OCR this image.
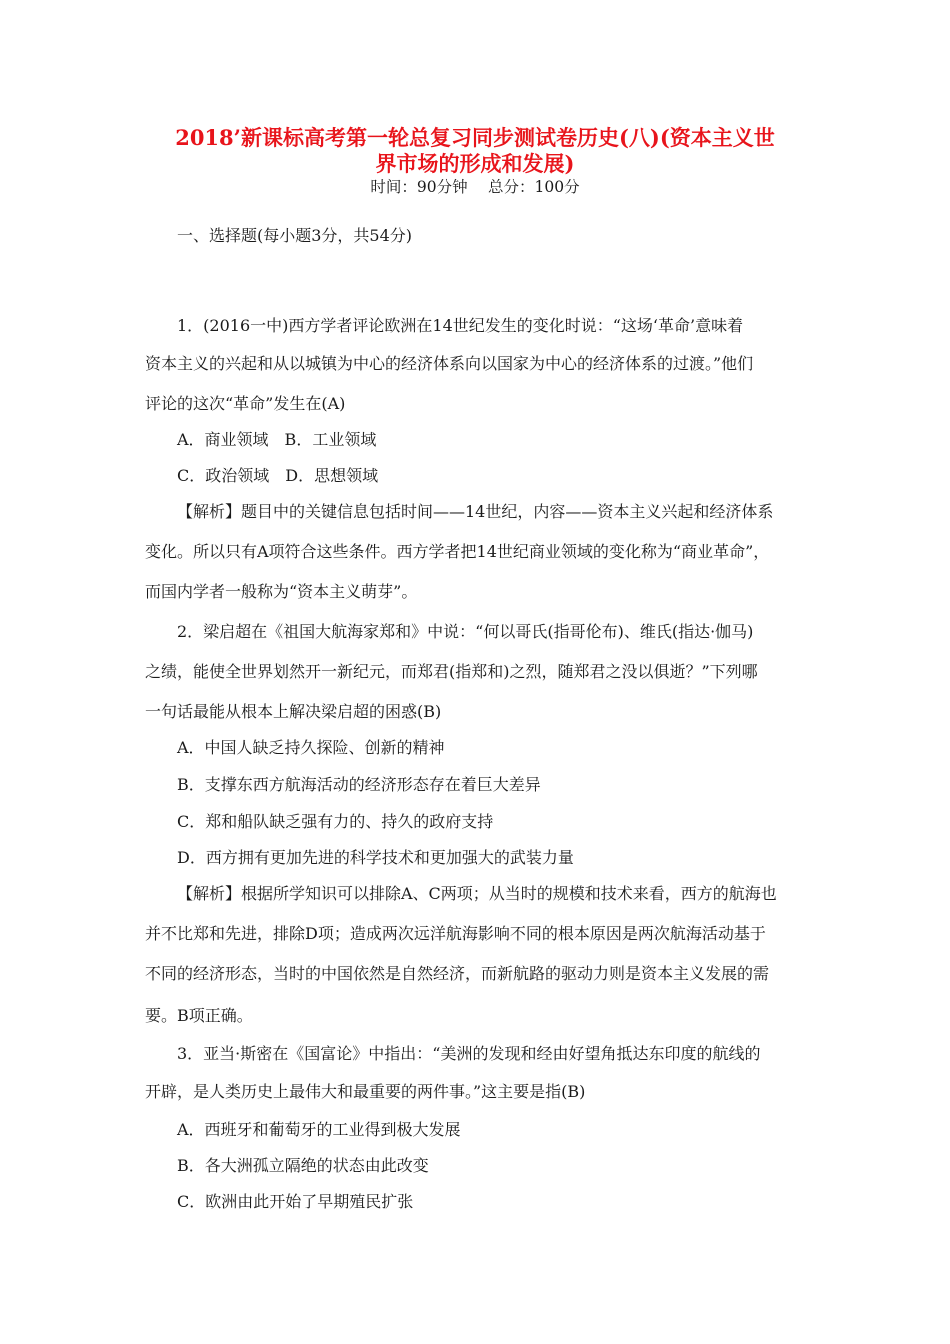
2018’新课标高考第一轮总复习同步测试卷历史(八)(资本主义世
界市场的形成和发展)
时间：90分钟　 总分：100分
一、选择题(每小题3分，共54分)
1．(2016一中)西方学者评论欧洲在14世纪发生的变化时说：“这场‘革命’意味着
资本主义的兴起和从以城镇为中心的经济体系向以国家为中心的经济体系的过渡。”他们
评论的这次“革命”发生在(A)
A．商业领域　B．工业领域
C．政治领域　D．思想领域
【解析】题目中的关键信息包括时间——14世纪，内容——资本主义兴起和经济体系
变化。所以只有A项符合这些条件。西方学者把14世纪商业领域的变化称为“商业革命”，
而国内学者一般称为“资本主义萌芽”。
2．梁启超在《祖国大航海家郑和》中说：“何以哥氏(指哥伦布)、维氏(指达·伽马)
之绩，能使全世界划然开一新纪元，而郑君(指郑和)之烈，随郑君之没以俱逝？”下列哪
一句话最能从根本上解决梁启超的困惑(B)
A．中国人缺乏持久探险、创新的精神
B．支撑东西方航海活动的经济形态存在着巨大差异
C．郑和船队缺乏强有力的、持久的政府支持
D．西方拥有更加先进的科学技术和更加强大的武装力量
【解析】根据所学知识可以排除A、C两项；从当时的规模和技术来看，西方的航海也
并不比郑和先进，排除D项；造成两次远洋航海影响不同的根本原因是两次航海活动基于
不同的经济形态，当时的中国依然是自然经济，而新航路的驱动力则是资本主义发展的需
要。B项正确。
3．亚当·斯密在《国富论》中指出：“美洲的发现和经由好望角抵达东印度的航线的
开辟，是人类历史上最伟大和最重要的两件事。”这主要是指(B)
A．西班牙和葡萄牙的工业得到极大发展
B．各大洲孤立隔绝的状态由此改变
C．欧洲由此开始了早期殖民扩张
